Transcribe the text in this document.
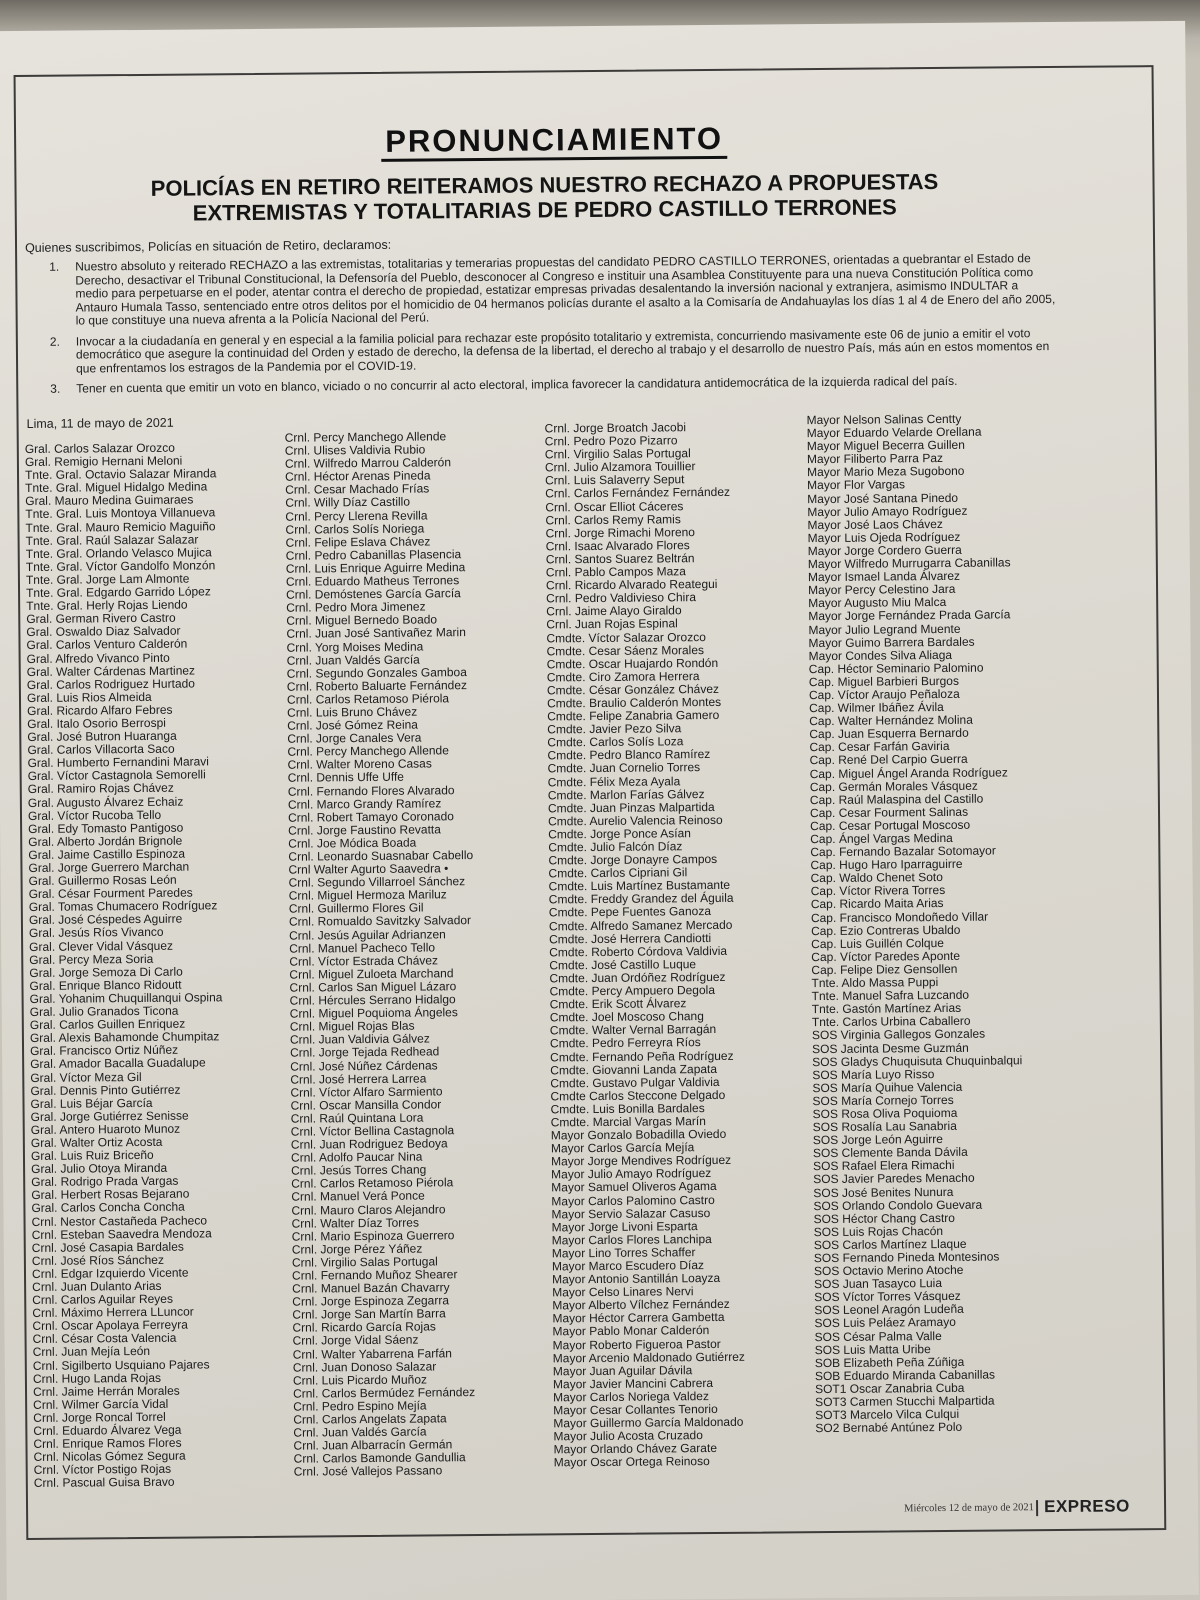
PRONUNCIAMIENTO
POLICÍAS EN RETIRO REITERAMOS NUESTRO RECHAZO A PROPUESTAS
EXTREMISTAS Y TOTALITARIAS DE PEDRO CASTILLO TERRONES

Quienes suscribimos, Policías en situación de Retiro, declaramos:

1. Nuestro absoluto y reiterado RECHAZO a las extremistas, totalitarias y temerarias propuestas del candidato PEDRO CASTILLO TERRONES, orientadas a quebrantar el Estado de Derecho, desactivar el Tribunal Constitucional, la Defensoría del Pueblo, desconocer al Congreso e instituir una Asamblea Constituyente para una nueva Constitución Política como medio para perpetuarse en el poder, atentar contra el derecho de propiedad, estatizar empresas privadas desalentando la inversión nacional y extranjera, asimismo INDULTAR a Antauro Humala Tasso, sentenciado entre otros delitos por el homicidio de 04 hermanos policías durante el asalto a la Comisaría de Andahuaylas los días 1 al 4 de Enero del año 2005, lo que constituye una nueva afrenta a la Policía Nacional del Perú.
2. Invocar a la ciudadanía en general y en especial a la familia policial para rechazar este propósito totalitario y extremista, concurriendo masivamente este 06 de junio a emitir el voto democrático que asegure la continuidad del Orden y estado de derecho, la defensa de la libertad, el derecho al trabajo y el desarrollo de nuestro País, más aún en estos momentos en que enfrentamos los estragos de la Pandemia por el COVID-19.
3. Tener en cuenta que emitir un voto en blanco, viciado o no concurrir al acto electoral, implica favorecer la candidatura antidemocrática de la izquierda radical del país.

Lima, 11 de mayo de 2021

Gral. Carlos Salazar Orozco
Gral. Remigio Hernani Meloni
Tnte. Gral. Octavio Salazar Miranda
Tnte. Gral. Miguel Hidalgo Medina
Gral. Mauro Medina Guimaraes
Tnte. Gral. Luis Montoya Villanueva
Tnte. Gral. Mauro Remicio Maguiño
Tnte. Gral. Raúl Salazar Salazar
Tnte. Gral. Orlando Velasco Mujica
Tnte. Gral. Víctor Gandolfo Monzón
Tnte. Gral. Jorge Lam Almonte
Tnte. Gral. Edgardo Garrido López
Tnte. Gral. Herly Rojas Liendo
Gral. German Rivero Castro
Gral. Oswaldo Diaz Salvador
Gral. Carlos Venturo Calderón
Gral. Alfredo Vivanco Pinto
Gral. Walter Cárdenas Martinez
Gral. Carlos Rodriguez Hurtado
Gral. Luis Rios Almeida
Gral. Ricardo Alfaro Febres
Gral. Italo Osorio Berrospi
Gral. José Butron Huaranga
Gral. Carlos Villacorta Saco
Gral. Humberto Fernandini Maravi
Gral. Víctor Castagnola Semorelli
Gral. Ramiro Rojas Chávez
Gral. Augusto Álvarez Echaiz
Gral. Víctor Rucoba Tello
Gral. Edy Tomasto Pantigoso
Gral. Alberto Jordán Brignole
Gral. Jaime Castillo Espinoza
Gral. Jorge Guerrero Marchan
Gral. Guillermo Rosas León
Gral. César Fourment Paredes
Gral. Tomas Chumacero Rodríguez
Gral. José Céspedes Aguirre
Gral. Jesús Ríos Vivanco
Gral. Clever Vidal Vásquez
Gral. Percy Meza Soria
Gral. Jorge Semoza Di Carlo
Gral. Enrique Blanco Ridoutt
Gral. Yohanim Chuquillanqui Ospina
Gral. Julio Granados Ticona
Gral. Carlos Guillen Enriquez
Gral. Alexis Bahamonde Chumpitaz
Gral. Francisco Ortiz Núñez
Gral. Amador Bacalla Guadalupe
Gral. Víctor Meza Gil
Gral. Dennis Pinto Gutiérrez
Gral. Luis Béjar García
Gral. Jorge Gutiérrez Senisse
Gral. Antero Huaroto Munoz
Gral. Walter Ortiz Acosta
Gral. Luis Ruiz Briceño
Gral. Julio Otoya Miranda
Gral. Rodrigo Prada Vargas
Gral. Herbert Rosas Bejarano
Gral. Carlos Concha Concha
Crnl. Nestor Castañeda Pacheco
Crnl. Esteban Saavedra Mendoza
Crnl. José Casapia Bardales
Crnl. José Ríos Sánchez
Crnl. Edgar Izquierdo Vicente
Crnl. Juan Dulanto Arias
Crnl. Carlos Aguilar Reyes
Crnl. Máximo Herrera LLuncor
Crnl. Oscar Apolaya Ferreyra
Crnl. César Costa Valencia
Crnl. Juan Mejía León
Crnl. Sigilberto Usquiano Pajares
Crnl. Hugo Landa Rojas
Crnl. Jaime Herrán Morales
Crnl. Wilmer García Vidal
Crnl. Jorge Roncal Torrel
Crnl. Eduardo Álvarez Vega
Crnl. Enrique Ramos Flores
Crnl. Nicolas Gómez Segura
Crnl. Víctor Postigo Rojas
Crnl. Pascual Guisa Bravo
Crnl. Percy Manchego Allende
Crnl. Ulises Valdivia Rubio
Crnl. Wilfredo Marrou Calderón
Crnl. Héctor Arenas Pineda
Crnl. Cesar Machado Frías
Crnl. Willy Díaz Castillo
Crnl. Percy Llerena Revilla
Crnl. Carlos Solís Noriega
Crnl. Felipe Eslava Chávez
Crnl. Pedro Cabanillas Plasencia
Crnl. Luis Enrique Aguirre Medina
Crnl. Eduardo Matheus Terrones
Crnl. Demóstenes García García
Crnl. Pedro Mora Jimenez
Crnl. Miguel Bernedo Boado
Crnl. Juan José Santivañez Marin
Crnl. Yorg Moises Medina
Crnl. Juan Valdés García
Crnl. Segundo Gonzales Gamboa
Crnl. Roberto Baluarte Fernández
Crnl. Carlos Retamoso Piérola
Crnl. Luis Bruno Chávez
Crnl. José Gómez Reina
Crnl. Jorge Canales Vera
Crnl. Percy Manchego Allende
Crnl. Walter Moreno Casas
Crnl. Dennis Uffe Uffe
Crnl. Fernando Flores Alvarado
Crnl. Marco Grandy Ramírez
Crnl. Robert Tamayo Coronado
Crnl. Jorge Faustino Revatta
Crnl. Joe Módica Boada
Crnl. Leonardo Suasnabar Cabello
Crnl Walter Agurto Saavedra •
Crnl. Segundo Villarroel Sánchez
Crnl. Miguel Hermoza Mariluz
Crnl. Guillermo Flores Gil
Crnl. Romualdo Savitzky Salvador
Crnl. Jesús Aguilar Adrianzen
Crnl. Manuel Pacheco Tello
Crnl. Víctor Estrada Chávez
Crnl. Miguel Zuloeta Marchand
Crnl. Carlos San Miguel Lázaro
Crnl. Hércules Serrano Hidalgo
Crnl. Miguel Poquioma Ángeles
Crnl. Miguel Rojas Blas
Crnl. Juan Valdivia Gálvez
Crnl. Jorge Tejada Redhead
Crnl. José Núñez Cárdenas
Crnl. José Herrera Larrea
Crnl. Víctor Alfaro Sarmiento
Crnl. Oscar Mansilla Condor
Crnl. Raúl Quintana Lora
Crnl. Víctor Bellina Castagnola
Crnl. Juan Rodriguez Bedoya
Crnl. Adolfo Paucar Nina
Crnl. Jesús Torres Chang
Crnl. Carlos Retamoso Piérola
Crnl. Manuel Verá Ponce
Crnl. Mauro Claros Alejandro
Crnl. Walter Díaz Torres
Crnl. Mario Espinoza Guerrero
Crnl. Jorge Pérez Yáñez
Crnl. Virgilio Salas Portugal
Crnl. Fernando Muñoz Shearer
Crnl. Manuel Bazán Chavarry
Crnl. Jorge Espinoza Zegarra
Crnl. Jorge San Martín Barra
Crnl. Ricardo García Rojas
Crnl. Jorge Vidal Sáenz
Crnl. Walter Yabarrena Farfán
Crnl. Juan Donoso Salazar
Crnl. Luis Picardo Muñoz
Crnl. Carlos Bermúdez Fernández
Crnl. Pedro Espino Mejía
Crnl. Carlos Angelats Zapata
Crnl. Juan Valdés García
Crnl. Juan Albarracín Germán
Crnl. Carlos Bamonde Gandullia
Crnl. José Vallejos Passano
Crnl. Jorge Broatch Jacobi
Crnl. Pedro Pozo Pizarro
Crnl. Virgilio Salas Portugal
Crnl. Julio Alzamora Touillier
Crnl. Luis Salaverry Seput
Crnl. Carlos Fernández Fernández
Crnl. Oscar Elliot Cáceres
Crnl. Carlos Remy Ramis
Crnl. Jorge Rimachi Moreno
Crnl. Isaac Alvarado Flores
Crnl. Santos Suarez Beltrán
Crnl. Pablo Campos Maza
Crnl. Ricardo Alvarado Reategui
Crnl. Pedro Valdivieso Chira
Crnl. Jaime Alayo Giraldo
Crnl. Juan Rojas Espinal
Cmdte. Víctor Salazar Orozco
Cmdte. Cesar Sáenz Morales
Cmdte. Oscar Huajardo Rondón
Cmdte. Ciro Zamora Herrera
Cmdte. César González Chávez
Cmdte. Braulio Calderón Montes
Cmdte. Felipe Zanabria Gamero
Cmdte. Javier Pezo Silva
Cmdte. Carlos Solís Loza
Cmdte. Pedro Blanco Ramírez
Cmdte. Juan Cornelio Torres
Cmdte. Félix Meza Ayala
Cmdte. Marlon Farías Gálvez
Cmdte. Juan Pinzas Malpartida
Cmdte. Aurelio Valencia Reinoso
Cmdte. Jorge Ponce Asían
Cmdte. Julio Falcón Díaz
Cmdte. Jorge Donayre Campos
Cmdte. Carlos Cipriani Gil
Cmdte. Luis Martínez Bustamante
Cmdte. Freddy Grandez del Águila
Cmdte. Pepe Fuentes Ganoza
Cmdte. Alfredo Samanez Mercado
Cmdte. José Herrera Candiotti
Cmdte. Roberto Córdova Valdivia
Cmdte. José Castillo Luque
Cmdte. Juan Ordóñez Rodríguez
Cmdte. Percy Ampuero Degola
Cmdte. Erik Scott Álvarez
Cmdte. Joel Moscoso Chang
Cmdte. Walter Vernal Barragán
Cmdte. Pedro Ferreyra Ríos
Cmdte. Fernando Peña Rodríguez
Cmdte. Giovanni Landa Zapata
Cmdte. Gustavo Pulgar Valdivia
Cmdte Carlos Steccone Delgado
Cmdte. Luis Bonilla Bardales
Cmdte. Marcial Vargas Marín
Mayor Gonzalo Bobadilla Oviedo
Mayor Carlos García Mejía
Mayor Jorge Mendives Rodríguez
Mayor Julio Amayo Rodríguez
Mayor Samuel Oliveros Agama
Mayor Carlos Palomino Castro
Mayor Servio Salazar Casuso
Mayor Jorge Livoni Esparta
Mayor Carlos Flores Lanchipa
Mayor Lino Torres Schaffer
Mayor Marco Escudero Díaz
Mayor Antonio Santillán Loayza
Mayor Celso Linares Nervi
Mayor Alberto Vílchez Fernández
Mayor Héctor Carrera Gambetta
Mayor Pablo Monar Calderón
Mayor Roberto Figueroa Pastor
Mayor Arcenio Maldonado Gutiérrez
Mayor Juan Aguilar Dávila
Mayor Javier Mancini Cabrera
Mayor Carlos Noriega Valdez
Mayor Cesar Collantes Tenorio
Mayor Guillermo García Maldonado
Mayor Julio Acosta Cruzado
Mayor Orlando Chávez Garate
Mayor Oscar Ortega Reinoso
Mayor Nelson Salinas Centty
Mayor Eduardo Velarde Orellana
Mayor Miguel Becerra Guillen
Mayor Filiberto Parra Paz
Mayor Mario Meza Sugobono
Mayor Flor Vargas
Mayor José Santana Pinedo
Mayor Julio Amayo Rodríguez
Mayor José Laos Chávez
Mayor Luis Ojeda Rodríguez
Mayor Jorge Cordero Guerra
Mayor Wilfredo Murrugarra Cabanillas
Mayor Ismael Landa Álvarez
Mayor Percy Celestino Jara
Mayor Augusto Miu Malca
Mayor Jorge Fernández Prada García
Mayor Julio Legrand Muente
Mayor Guimo Barrera Bardales
Mayor Condes Silva Aliaga
Cap. Héctor Seminario Palomino
Cap. Miguel Barbieri Burgos
Cap. Víctor Araujo Peñaloza
Cap. Wilmer Ibáñez Ávila
Cap. Walter Hernández Molina
Cap. Juan Esquerra Bernardo
Cap. Cesar Farfán Gaviria
Cap. René Del Carpio Guerra
Cap. Miguel Ángel Aranda Rodríguez
Cap. Germán Morales Vásquez
Cap. Raúl Malaspina del Castillo
Cap. Cesar Fourment Salinas
Cap. Cesar Portugal Moscoso
Cap. Ángel Vargas Medina
Cap. Fernando Bazalar Sotomayor
Cap. Hugo Haro Iparraguirre
Cap. Waldo Chenet Soto
Cap. Víctor Rivera Torres
Cap. Ricardo Maita Arias
Cap. Francisco Mondoñedo Villar
Cap. Ezio Contreras Ubaldo
Cap. Luis Guillén Colque
Cap. Víctor Paredes Aponte
Cap. Felipe Diez Gensollen
Tnte. Aldo Massa Puppi
Tnte. Manuel Safra Luzcando
Tnte. Gastón Martínez Arias
Tnte. Carlos Urbina Caballero
SOS Virginia Gallegos Gonzales
SOS Jacinta Desme Guzmán
SOS Gladys Chuquisuta Chuquinbalqui
SOS María Luyo Risso
SOS María Quihue Valencia
SOS María Cornejo Torres
SOS Rosa Oliva Poquioma
SOS Rosalía Lau Sanabria
SOS Jorge León Aguirre
SOS Clemente Banda Dávila
SOS Rafael Elera Rimachi
SOS Javier Paredes Menacho
SOS José Benites Nunura
SOS Orlando Condolo Guevara
SOS Héctor Chang Castro
SOS Luis Rojas Chacón
SOS Carlos Martínez Llaque
SOS Fernando Pineda Montesinos
SOS Octavio Merino Atoche
SOS Juan Tasayco Luia
SOS Víctor Torres Vásquez
SOS Leonel Aragón Ludeña
SOS Luis Peláez Aramayo
SOS César Palma Valle
SOS Luis Matta Uribe
SOB Elizabeth Peña Zúñiga
SOB Eduardo Miranda Cabanillas
SOT1 Oscar Zanabria Cuba
SOT3 Carmen Stucchi Malpartida
SOT3 Marcelo Vilca Culqui
SO2 Bernabé Antúnez Polo
Miércoles 12 de mayo de 2021 EXPRESO
